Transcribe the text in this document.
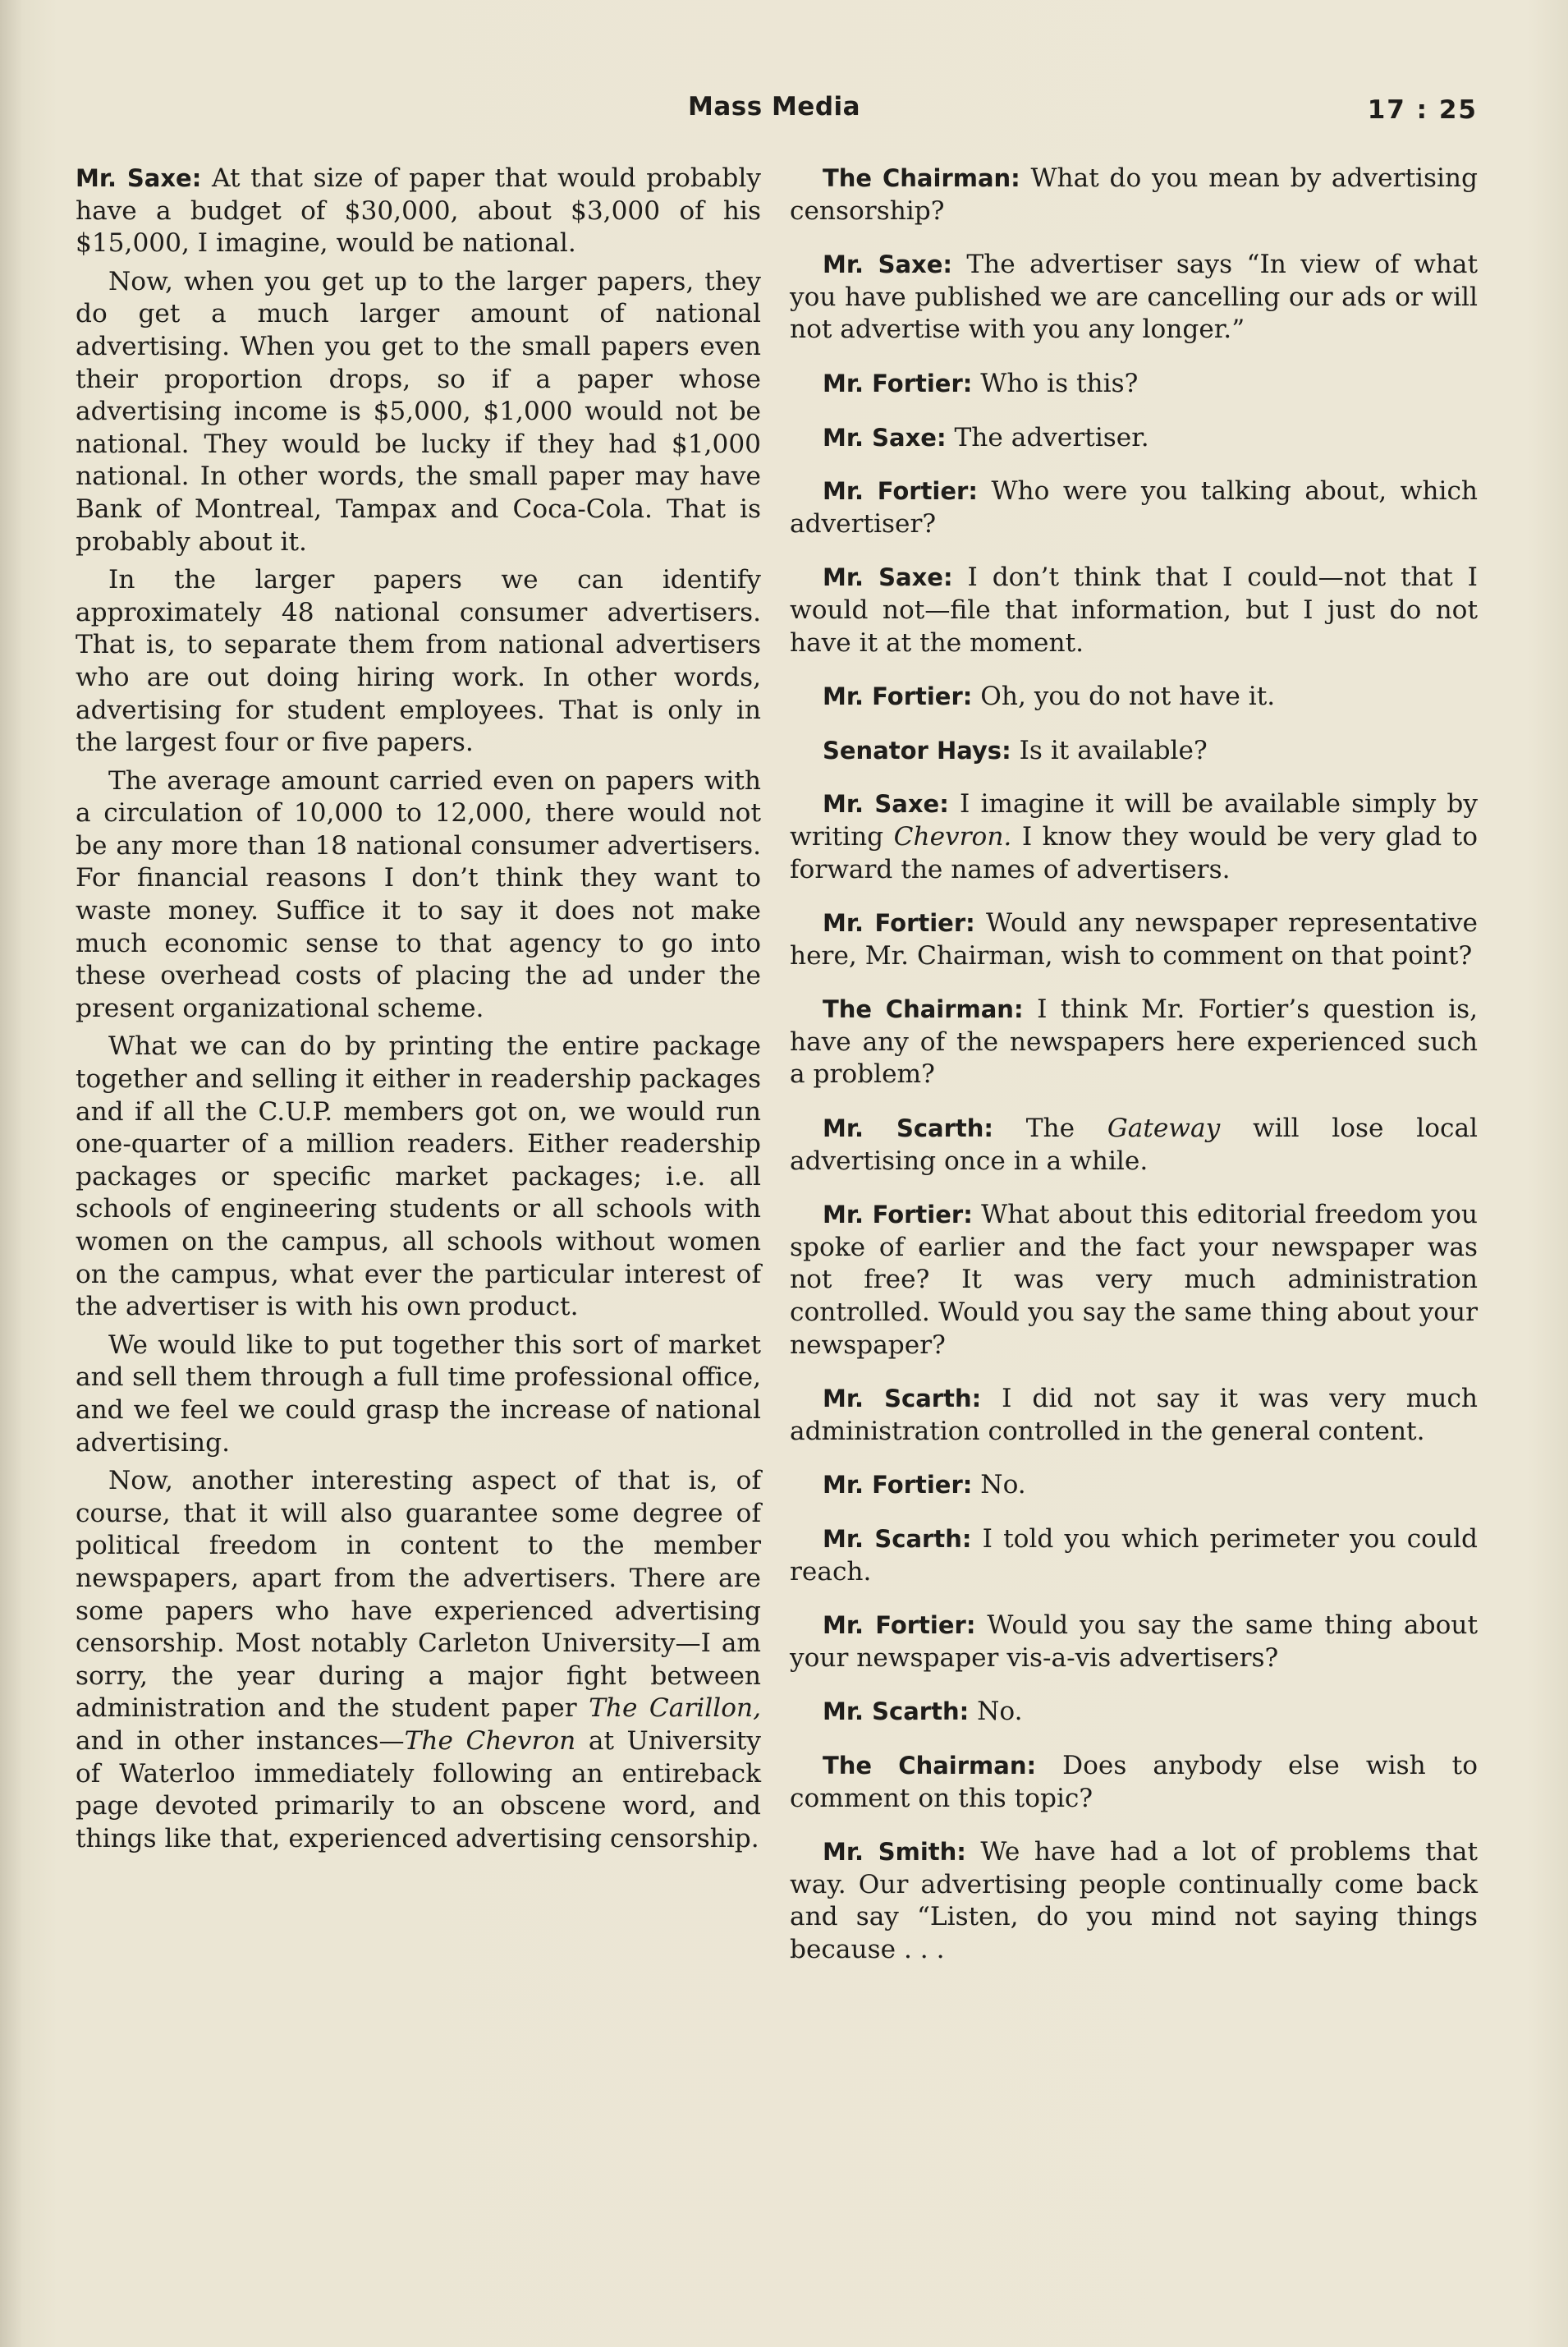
Mass Media	17 : 25

Mr. Saxe: At that size of paper that would probably have a budget of $30,000, about $3,000 of his $15,000, I imagine, would be national.

Now, when you get up to the larger papers, they do get a much larger amount of national advertising. When you get to the small papers even their proportion drops, so if a paper whose advertising income is $5,000, $1,000 would not be national. They would be lucky if they had $1,000 national. In other words, the small paper may have Bank of Montreal, Tampax and Coca-Cola. That is probably about it.

In the larger papers we can identify approximately 48 national consumer advertisers. That is, to separate them from national advertisers who are out doing hiring work. In other words, advertising for student employees. That is only in the largest four or five papers.

The average amount carried even on papers with a circulation of 10,000 to 12,000, there would not be any more than 18 national consumer advertisers. For financial reasons I don’t think they want to waste money. Suffice it to say it does not make much economic sense to that agency to go into these overhead costs of placing the ad under the present organizational scheme.

What we can do by printing the entire package together and selling it either in readership packages and if all the C.U.P. members got on, we would run one-quarter of a million readers. Either readership packages or specific market packages; i.e. all schools of engineering students or all schools with women on the campus, all schools without women on the campus, what ever the particular interest of the advertiser is with his own product.

We would like to put together this sort of market and sell them through a full time professional office, and we feel we could grasp the increase of national advertising.

Now, another interesting aspect of that is, of course, that it will also guarantee some degree of political freedom in content to the member newspapers, apart from the advertisers. There are some papers who have experienced advertising censorship. Most notably Carleton University—I am sorry, the year during a major fight between administration and the student paper The Carillon, and in other instances—The Chevron at University of Waterloo immediately following an entireback page devoted primarily to an obscene word, and things like that, experienced advertising censorship.

The Chairman: What do you mean by advertising censorship?

Mr. Saxe: The advertiser says “In view of what you have published we are cancelling our ads or will not advertise with you any longer.”

Mr. Fortier: Who is this?

Mr. Saxe: The advertiser.

Mr. Fortier: Who were you talking about, which advertiser?

Mr. Saxe: I don’t think that I could—not that I would not—file that information, but I just do not have it at the moment.

Mr. Fortier: Oh, you do not have it.

Senator Hays: Is it available?

Mr. Saxe: I imagine it will be available simply by writing Chevron. I know they would be very glad to forward the names of advertisers.

Mr. Fortier: Would any newspaper representative here, Mr. Chairman, wish to comment on that point?

The Chairman: I think Mr. Fortier’s question is, have any of the newspapers here experienced such a problem?

Mr. Scarth: The Gateway will lose local advertising once in a while.

Mr. Fortier: What about this editorial freedom you spoke of earlier and the fact your newspaper was not free? It was very much administration controlled. Would you say the same thing about your newspaper?

Mr. Scarth: I did not say it was very much administration controlled in the general content.

Mr. Fortier: No.

Mr. Scarth: I told you which perimeter you could reach.

Mr. Fortier: Would you say the same thing about your newspaper vis-a-vis advertisers?

Mr. Scarth: No.

The Chairman: Does anybody else wish to comment on this topic?

Mr. Smith: We have had a lot of problems that way. Our advertising people continually come back and say “Listen, do you mind not saying things because . . .
